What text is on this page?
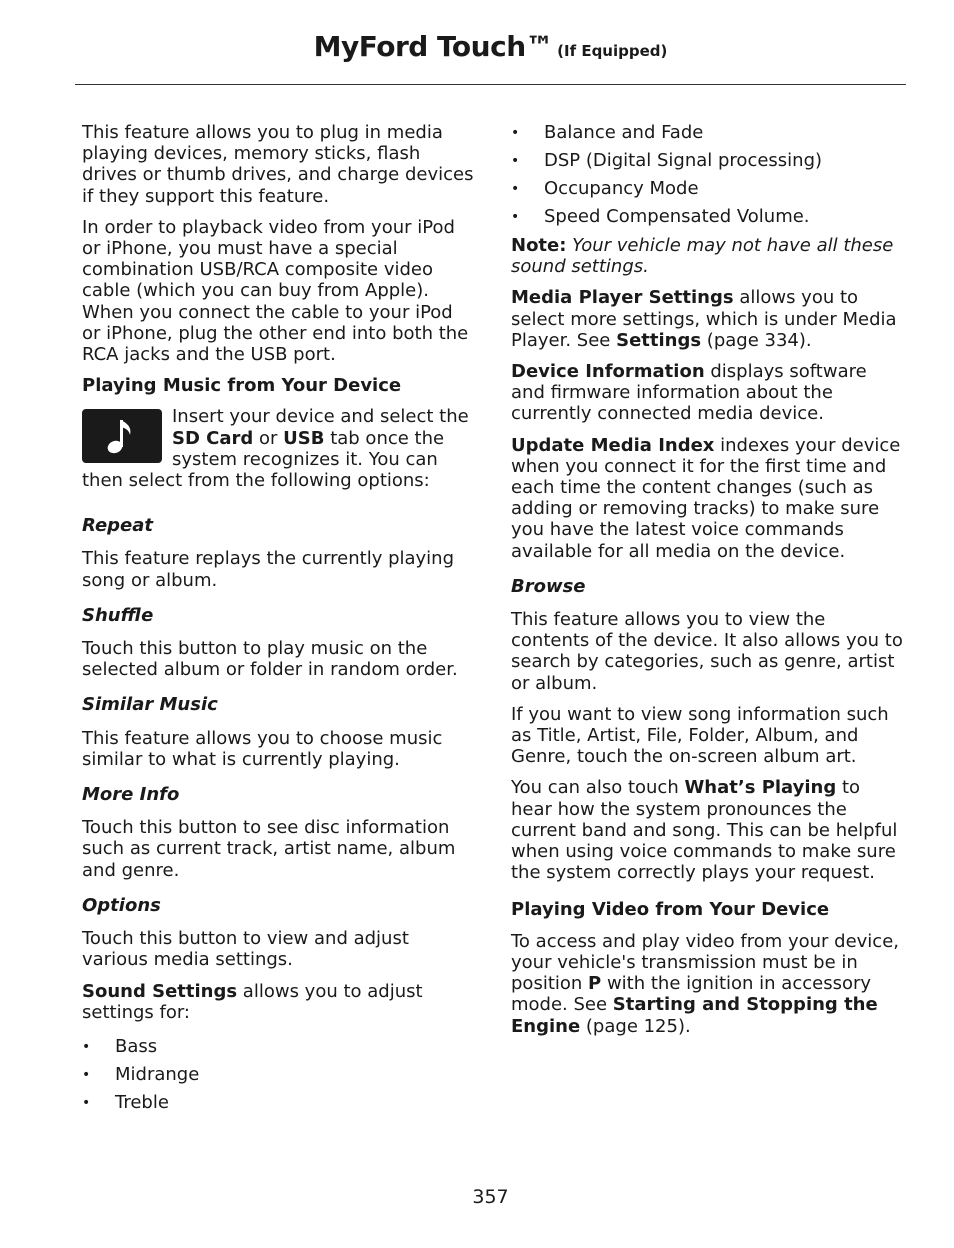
MyFord Touch™ (If Equipped)

This feature allows you to plug in media playing devices, memory sticks, flash drives or thumb drives, and charge devices if they support this feature.

In order to playback video from your iPod or iPhone, you must have a special combination USB/RCA composite video cable (which you can buy from Apple). When you connect the cable to your iPod or iPhone, plug the other end into both the RCA jacks and the USB port.

Playing Music from Your Device
Insert your device and select the SD Card or USB tab once the system recognizes it. You can then select from the following options:
Repeat

This feature replays the currently playing song or album.

Shuffle

Touch this button to play music on the selected album or folder in random order.

Similar Music

This feature allows you to choose music similar to what is currently playing.

More Info

Touch this button to see disc information such as current track, artist name, album and genre.

Options

Touch this button to view and adjust various media settings.

Sound Settings allows you to adjust settings for:

• Bass
• Midrange
• Treble
• Balance and Fade
• DSP (Digital Signal processing)
• Occupancy Mode
• Speed Compensated Volume.

Note: Your vehicle may not have all these sound settings.

Media Player Settings allows you to select more settings, which is under Media Player. See Settings (page 334).

Device Information displays software and firmware information about the currently connected media device.

Update Media Index indexes your device when you connect it for the first time and each time the content changes (such as adding or removing tracks) to make sure you have the latest voice commands available for all media on the device.

Browse

This feature allows you to view the contents of the device. It also allows you to search by categories, such as genre, artist or album.

If you want to view song information such as Title, Artist, File, Folder, Album, and Genre, touch the on-screen album art.

You can also touch What’s Playing to hear how the system pronounces the current band and song. This can be helpful when using voice commands to make sure the system correctly plays your request.

Playing Video from Your Device

To access and play video from your device, your vehicle's transmission must be in position P with the ignition in accessory mode. See Starting and Stopping the Engine (page 125).

357
